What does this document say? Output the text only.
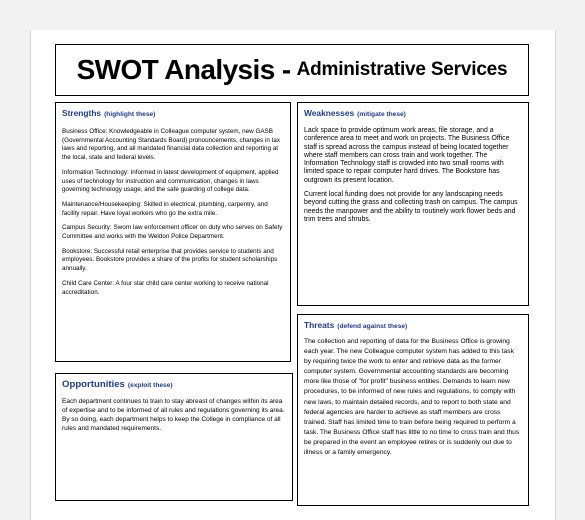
SWOT Analysis - Administrative Services
Strengths (highlight these)

Business Office: Knowledgeable in Colleague computer system, new GASB (Governmental Accounting Standards Board) pronouncements, changes in tax laws and reporting, and all mandated financial data collection and reporting at the local, state and federal levels.

Information Technology: Informed in latest development of equipment, applied uses of technology for instruction and communication, changes in laws governing technology usage, and the safe guarding of college data.

Maintenance/Housekeeping: Skilled in electrical, plumbing, carpentry, and facility repair. Have loyal workers who go the extra mile.

Campus Security: Sworn law enforcement officer on duty who serves on Safety Committee and works with the Weldon Police Department.

Bookstore: Successful retail enterprise that provides service to students and employees. Bookstore provides a share of the profits for student scholarships annually.

Child Care Center: A four star child care center working to receive national accreditation.

Weaknesses (mitigate these)

Lack space to provide optimum work areas, file storage, and a conference area to meet and work on projects. The Business Office staff is spread across the campus instead of being located together where staff members can cross train and work together. The Information Technology staff is crowded into two small rooms with limited space to repair computer hard drives. The Bookstore has outgrown its present location.

Current local funding does not provide for any landscaping needs beyond cutting the grass and collecting trash on campus. The campus needs the manpower and the ability to routinely work flower beds and trim trees and shrubs.

Threats (defend against these)

The collection and reporting of data for the Business Office is growing each year. The new Colleague computer system has added to this task by requiring twice the work to enter and retrieve data as the former computer system. Governmental accounting standards are becoming more like those of "for profit" business entities. Demands to learn new procedures, to be informed of new rules and regulations, to comply with new laws, to maintain detailed records, and to report to both state and federal agencies are harder to achieve as staff members are cross trained. Staff has limited time to train before being required to perform a task. The Business Office staff has little to no time to cross train and thus be prepared in the event an employee retires or is suddenly out due to illness or a family emergency.

Opportunities (exploit these)

Each department continues to train to stay abreast of changes within its area of expertise and to be informed of all rules and regulations governing its area. By so doing, each department helps to keep the College in compliance of all rules and mandated requirements.
